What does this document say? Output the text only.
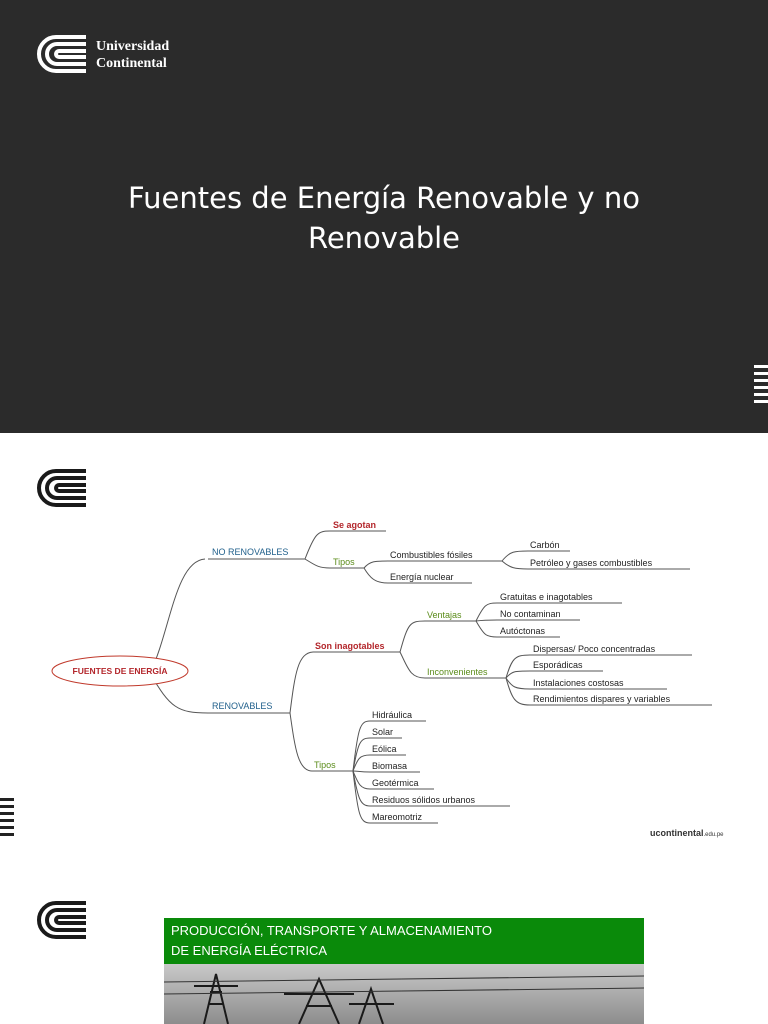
Universidad
Continental
Fuentes de Energía Renovable y no
Renovable
FUENTES DE ENERGÍA
NO RENOVABLES
Se agotan
Tipos
Combustibles fósiles
Carbón
Petróleo y gases combustibles
Energía nuclear
RENOVABLES
Son inagotables
Ventajas
Gratuitas e inagotables
No contaminan
Autóctonas
Inconvenientes
Dispersas/ Poco concentradas
Esporádicas
Instalaciones costosas
Rendimientos dispares y variables
Tipos
Hidráulica
Solar
Eólica
Biomasa
Geotérmica
Residuos sólidos urbanos
Mareomotriz
ucontinental.edu.pe
PRODUCCIÓN, TRANSPORTE Y ALMACENAMIENTO
DE ENERGÍA ELÉCTRICA
